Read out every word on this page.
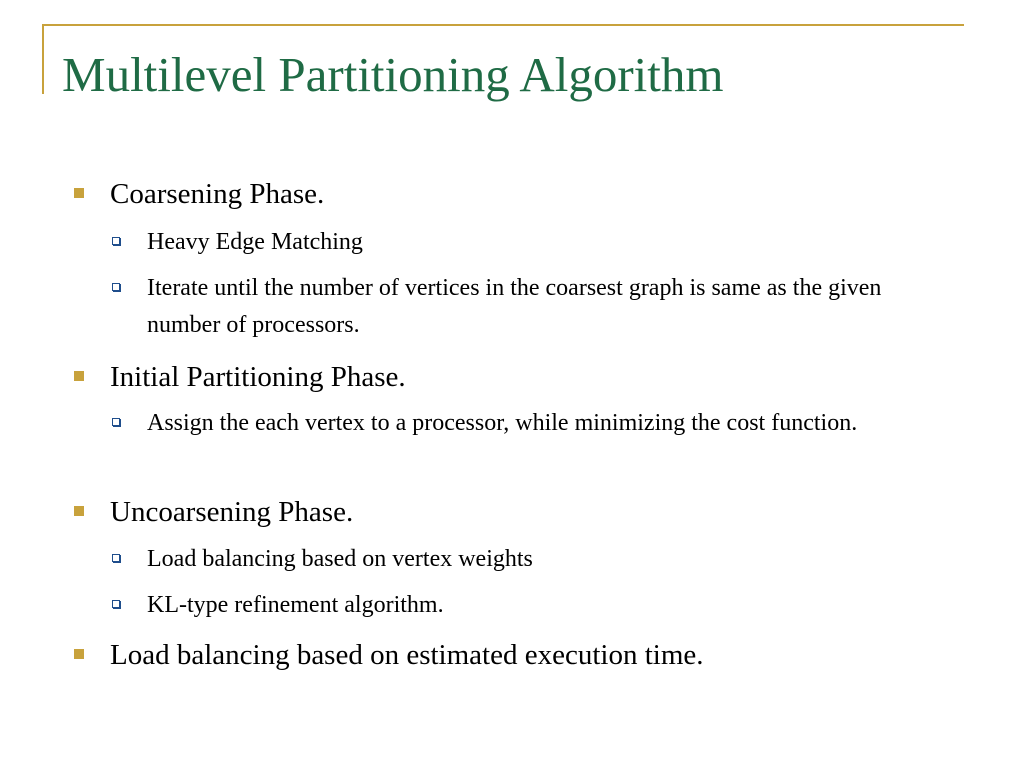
Multilevel Partitioning Algorithm
Coarsening Phase.
Heavy Edge Matching
Iterate until the number of vertices in the coarsest graph is same as the given number of processors.
Initial Partitioning Phase.
Assign the each vertex to a processor, while minimizing the cost function.
Uncoarsening Phase.
Load balancing based on vertex weights
KL-type refinement algorithm.
Load balancing based on estimated execution time.
